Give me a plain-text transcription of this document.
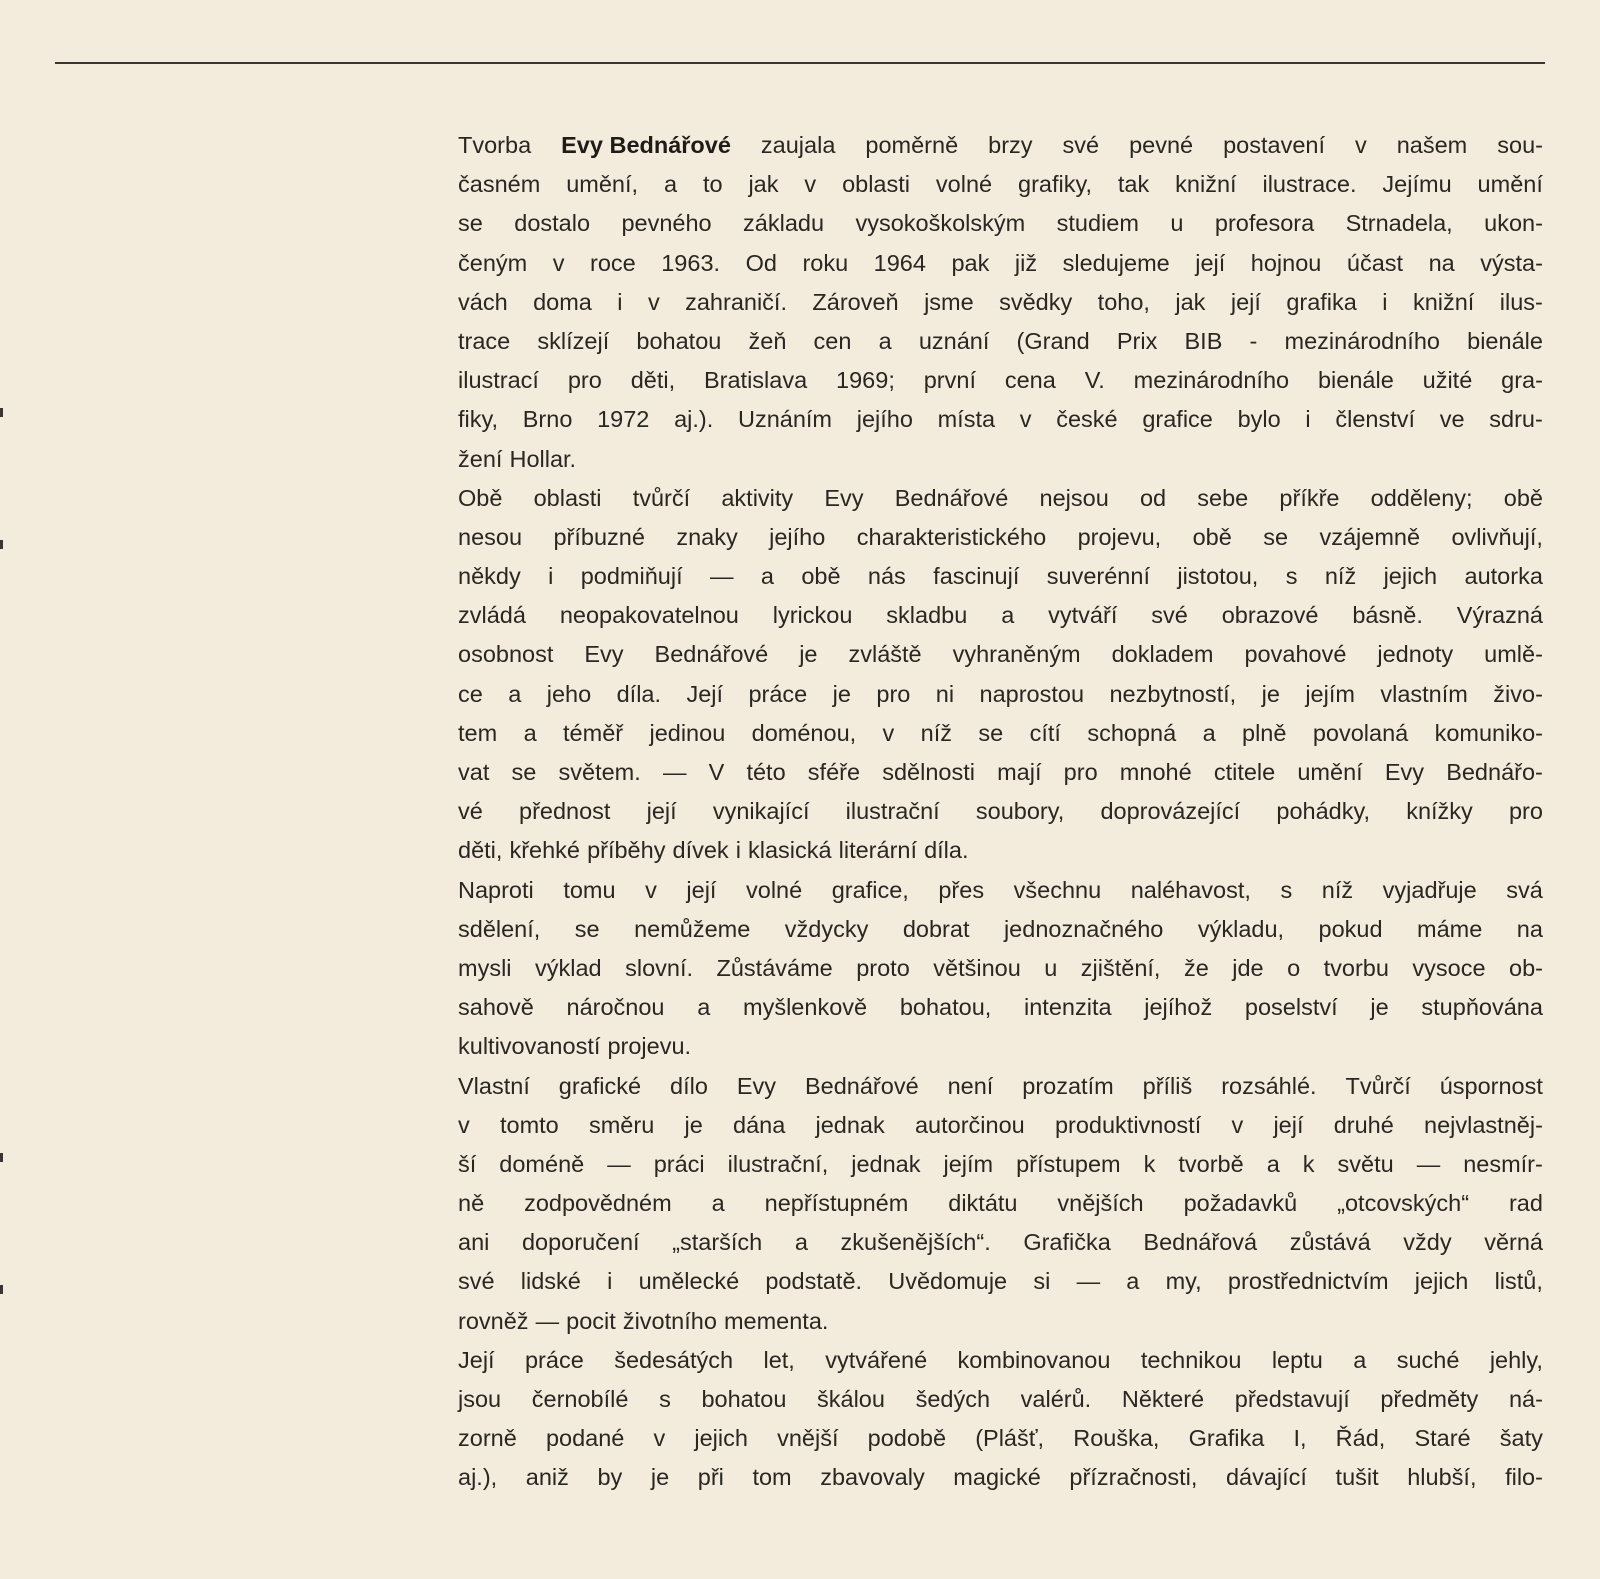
Tvorba Evy Bednářové zaujala poměrně brzy své pevné postavení v našem sou-
časném umění, a to jak v oblasti volné grafiky, tak knižní ilustrace. Jejímu umění
se dostalo pevného základu vysokoškolským studiem u profesora Strnadela, ukon-
čeným v roce 1963. Od roku 1964 pak již sledujeme její hojnou účast na výsta-
vách doma i v zahraničí. Zároveň jsme svědky toho, jak její grafika i knižní ilus-
trace sklízejí bohatou žeň cen a uznání (Grand Prix BIB - mezinárodního bienále
ilustrací pro děti, Bratislava 1969; první cena V. mezinárodního bienále užité gra-
fiky, Brno 1972 aj.). Uznáním jejího místa v české grafice bylo i členství ve sdru-
žení Hollar.
Obě oblasti tvůrčí aktivity Evy Bednářové nejsou od sebe příkře odděleny; obě
nesou příbuzné znaky jejího charakteristického projevu, obě se vzájemně ovlivňují,
někdy i podmiňují — a obě nás fascinují suverénní jistotou, s níž jejich autorka
zvládá neopakovatelnou lyrickou skladbu a vytváří své obrazové básně. Výrazná
osobnost Evy Bednářové je zvláště vyhraněným dokladem povahové jednoty umlě-
ce a jeho díla. Její práce je pro ni naprostou nezbytností, je jejím vlastním živo-
tem a téměř jedinou doménou, v níž se cítí schopná a plně povolaná komuniko-
vat se světem. — V této sféře sdělnosti mají pro mnohé ctitele umění Evy Bednářo-
vé přednost její vynikající ilustrační soubory, doprovázející pohádky, knížky pro
děti, křehké příběhy dívek i klasická literární díla.
Naproti tomu v její volné grafice, přes všechnu naléhavost, s níž vyjadřuje svá
sdělení, se nemůžeme vždycky dobrat jednoznačného výkladu, pokud máme na
mysli výklad slovní. Zůstáváme proto většinou u zjištění, že jde o tvorbu vysoce ob-
sahově náročnou a myšlenkově bohatou, intenzita jejíhož poselství je stupňována
kultivovaností projevu.
Vlastní grafické dílo Evy Bednářové není prozatím příliš rozsáhlé. Tvůrčí úspornost
v tomto směru je dána jednak autorčinou produktivností v její druhé nejvlastněj-
ší doméně — práci ilustrační, jednak jejím přístupem k tvorbě a k světu — nesmír-
ně zodpovědném a nepřístupném diktátu vnějších požadavků „otcovských“ rad
ani doporučení „starších a zkušenějších“. Grafička Bednářová zůstává vždy věrná
své lidské i umělecké podstatě. Uvědomuje si — a my, prostřednictvím jejich listů,
rovněž — pocit životního mementa.
Její práce šedesátých let, vytvářené kombinovanou technikou leptu a suché jehly,
jsou černobílé s bohatou škálou šedých valérů. Některé představují předměty ná-
zorně podané v jejich vnější podobě (Plášť, Rouška, Grafika I, Řád, Staré šaty
aj.), aniž by je při tom zbavovaly magické přízračnosti, dávající tušit hlubší, filo-
